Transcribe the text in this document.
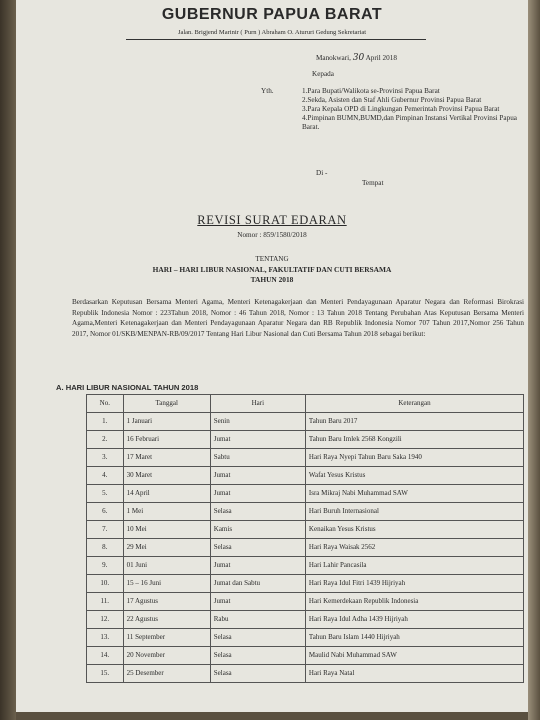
GUBERNUR PAPUA BARAT
Jalan. Brigjend Marinir ( Purn ) Abraham O. Atururi Gedung Sekretariat
Manokwari, 30 April 2018
Kepada
Yth.	1.Para Bupati/Walikota se-Provinsi Papua Barat
2.Sekda, Asisten dan Staf Ahli Gubernur Provinsi Papua Barat
3.Para Kepala OPD di Lingkungan Pemerintah Provinsi Papua Barat
4.Pimpinan BUMN,BUMD,dan Pimpinan Instansi Vertikal Provinsi Papua Barat.
Di -
Tempat
REVISI SURAT EDARAN
Nomor : 859/1580/2018
TENTANG
HARI – HARI LIBUR NASIONAL, FAKULTATIF DAN CUTI BERSAMA
TAHUN 2018
Berdasarkan Keputusan Bersama Menteri Agama, Menteri Ketenagakerjaan dan Menteri Pendayagunaan Aparatur Negara dan Reformasi Birokrasi Republik Indonesia Nomor : 223Tahun 2018, Nomor : 46 Tahun 2018, Nomor : 13 Tahun 2018 Tentang Perubahan Atas Keputusan Bersama Menteri Agama,Menteri Ketenagakerjaan dan Menteri Pendayagunaan Aparatur Negara dan RB Republik Indonesia Nomor 707 Tahun 2017,Nomor 256 Tahun 2017, Nomor 01/SKB/MENPAN-RB/09/2017 Tentang Hari Libur Nasional dan Cuti Bersama Tahun 2018 sebagai berikut:
A. HARI LIBUR NASIONAL TAHUN 2018
No.	Tanggal	Hari	Keterangan
1.	1 Januari	Senin	Tahun Baru 2017
2.	16 Februari	Jumat	Tahun Baru Imlek 2568 Kongzili
3.	17 Maret	Sabtu	Hari Raya Nyepi Tahun Baru Saka 1940
4.	30 Maret	Jumat	Wafat Yesus Kristus
5.	14 April	Jumat	Isra Mikraj Nabi Muhammad SAW
6.	1 Mei	Selasa	Hari Buruh Internasional
7.	10 Mei	Kamis	Kenaikan Yesus Kristus
8.	29 Mei	Selasa	Hari Raya Waisak 2562
9.	01 Juni	Jumat	Hari Lahir Pancasila
10.	15 – 16 Juni	Jumat dan Sabtu	Hari Raya Idul Fitri 1439 Hijriyah
11.	17 Agustus	Jumat	Hari Kemerdekaan Republik Indonesia
12.	22 Agustus	Rabu	Hari Raya Idul Adha 1439 Hijriyah
13.	11 September	Selasa	Tahun Baru Islam 1440 Hijriyah
14.	20 November	Selasa	Maulid Nabi Muhammad SAW
15.	25 Desember	Selasa	Hari Raya Natal
